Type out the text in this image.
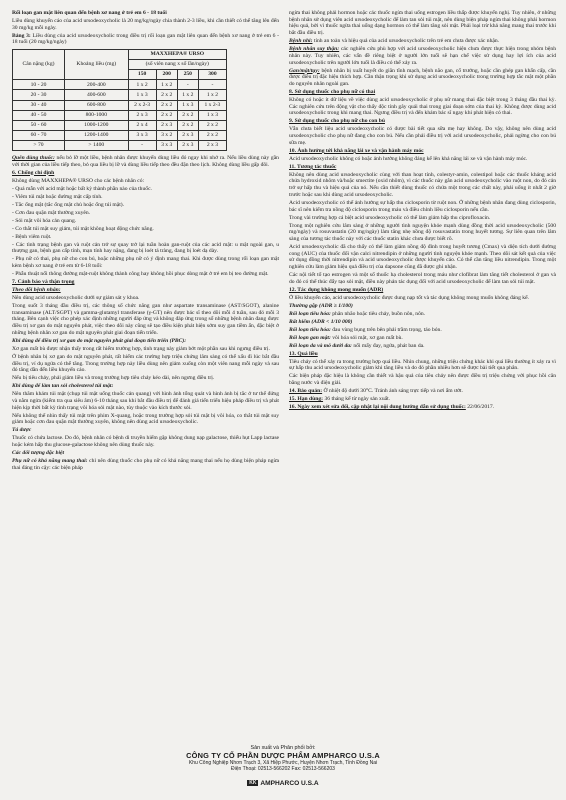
Rối loạn gan mật liên quan đến bệnh xơ nang ở trẻ em 6 - 18 tuổi

Liều dùng khuyến cáo của acid ursodeoxycholic là 20 mg/kg/ngày chia thành 2-3 liều, khi cần thiết có thể tăng lên đến 30 mg/kg mỗi ngày.

Bảng 3: Liều dùng của acid ursodeoxycholic trong điều trị rối loạn gan mật liên quan đến bệnh xơ nang ở trẻ em 6 - 18 tuổi (20 mg/kg/ngày)

Cân nặng (kg)	Khoảng liều (mg)	MAXXHEPA® URSO			
		(số viên nang x số lần/ngày)			
		150	200	250	300
10 - 20	200-400	1 x 2	1 x 2	-	-
20 - 30	400-600	1 x 3	2 x 2	1 x 2	1 x 2
30 - 40	600-800	2 x 2-3	2 x 2	1 x 3	1 x 2-3
40 - 50	800-1000	2 x 3	2 x 2	2 x 2	1 x 3
50 - 60	1000-1200	2 x 4	2 x 3	2 x 2	2 x 2
60 - 70	1200-1400	3 x 3	3 x 2	2 x 3	2 x 2
> 70	> 1400	-	3 x 3	2 x 3	2 x 3

Quên dùng thuốc: nếu bỏ lỡ một liều, bệnh nhân được khuyến dùng liều đó ngay khi nhớ ra. Nếu liều dùng này gần với thời gian của liều tiếp theo, bỏ qua liều bị lỡ và dùng liều tiếp theo đều đặn theo lịch. Không dùng liều gấp đôi.

6. Chống chỉ định

Không dùng MAXXHEPA® URSO cho các bệnh nhân có:

- Quá mẫn với acid mật hoặc bất kỳ thành phần nào của thuốc.

- Viêm túi mật hoặc đường mật cấp tính.

- Tắc ống mật (tắc ống mật chủ hoặc ống túi mật).

- Cơn đau quặn mật thường xuyên.

- Sỏi mật vôi hóa cản quang.

- Co thắt túi mật suy giảm, túi mật không hoạt động chức năng.

- Bệnh viêm ruột.

- Các tình trạng bệnh gan và ruột cản trở sự quay trở lại tuần hoàn gan-ruột của các acid mật: u mật ngoài gan, u thượng gan, bệnh gan cấp tính, mạn tính hay nặng, đang bị loét tá tràng, đang bị loét dạ dày.

- Phụ nữ có thai, phụ nữ cho con bú, hoặc những phụ nữ có ý định mang thai. Khi được dùng trong rối loạn gan mật kèm bệnh xơ nang ở trẻ em từ 6-18 tuổi:

- Phẫu thuật nối thông đường mật-ruột không thành công hay không hồi phục dòng mật ở trẻ em bị teo đường mật.

7. Cảnh báo và thận trọng

Theo dõi bệnh nhân:

Nên dùng acid ursodeoxycholic dưới sự giám sát y khoa.

Trong suốt 3 tháng đầu điều trị, các thông số chức năng gan như aspartate transaminase (AST/SGOT), alanine transaminase (ALT/SGPT) và gamma-glutamyl transferase (γ-GT) nên được bác sĩ theo dõi mỗi 4 tuần, sau đó mỗi 3 tháng. Bên cạnh việc cho phép xác định những người đáp ứng và không đáp ứng trong số những bệnh nhân đang được điều trị xơ gan do mật nguyên phát, việc theo dõi này cũng sẽ tạo điều kiện phát hiện sớm suy gan tiềm ẩn, đặc biệt ở những bệnh nhân xơ gan do mật nguyên phát giai đoạn tiến triển.

Khi dùng để điều trị xơ gan do mật nguyên phát giai đoạn tiến triển (PBC):

Xơ gan mất bù được nhận thấy trong rất hiếm trường hợp, tình trạng này giảm bớt một phần sau khi ngưng điều trị.

Ở bệnh nhân bị xơ gan do mật nguyên phát, rất hiếm các trường hợp triệu chứng lâm sàng có thể xấu đi lúc bắt đầu điều trị, ví dụ ngứa có thể tăng. Trong trường hợp này liều dùng nên giảm xuống còn một viên nang mỗi ngày và sau đó tăng dần đến liều khuyến cáo.

Nếu bị tiêu chảy, phải giảm liều và trong trường hợp tiêu chảy kéo dài, nên ngưng điều trị.

Khi dùng để làm tan sỏi cholesterol túi mật:

Nên thăm khám túi mật (chụp túi mật uống thuốc cản quang) với hình ảnh tổng quát và hình ảnh bị tắc ở tư thế đứng và nằm ngửa (kiểm tra qua siêu âm) 6-10 tháng sau khi bắt đầu điều trị để đánh giá tiến triển hiệu pháp điều trị và phát hiện kịp thời bất kỳ tình trạng vôi hóa sỏi mật nào, tùy thuộc vào kích thước sỏi.

Nếu không thể nhìn thấy túi mật trên phim X-quang, hoặc trong trường hợp sỏi túi mật bị vôi hóa, co thắt túi mật suy giảm hoặc cơn đau quặn mật thường xuyên, không nên dùng acid ursodeoxycholic.

Tá dược

Thuốc có chứa lactose. Do đó, bệnh nhân có bệnh di truyền hiếm gặp không dung nạp galactose, thiếu hụt Lapp lactase hoặc kém hấp thu glucose-galactose không nên dùng thuốc này.

Các đối tượng đặc biệt

Phụ nữ có khả năng mang thai: chỉ nên dùng thuốc cho phụ nữ có khả năng mang thai nếu họ dùng biện pháp ngừa thai đáng tin cậy: các biện pháp

ngừa thai không phải hormon hoặc các thuốc ngừa thai uống estrogen liều thấp được khuyến nghị. Tuy nhiên, ở những bệnh nhân sử dụng viên acid ursodeoxycholic để làm tan sỏi túi mật, nên dùng biện pháp ngừa thai không phải hormon hiệu quả, bởi vì thuốc ngừa thai uống dạng hormon có thể làm tăng sỏi mật. Phải loại trừ khả năng mang thai trước khi bắt đầu điều trị.

Bệnh nhi: tính an toàn và hiệu quả của acid ursodeoxycholic trên trẻ em chưa được xác nhận.

Bệnh nhân suy thận: các nghiên cứu phù hợp với acid ursodeoxycholic hiện chưa được thực hiện trong nhóm bệnh nhân này. Tuy nhiên, các vấn đề riêng biệt ở người lớn tuổi sẽ hạn chế việc sử dụng hay lợi ích của acid ursodeoxycholic trên người lớn tuổi là điều có thể xảy ra.

Gan/mật/tụy: bệnh nhân bị xuất huyết do giãn tĩnh mạch, bệnh não gan, cổ trướng, hoặc cần ghép gan khẩn cấp, cần được điều trị đặc hiệu thích hợp. Cần thận trọng khi sử dụng acid ursodeoxycholic trong trường hợp tắc mật một phần do nguyên nhân ngoài gan.

8. Sử dụng thuốc cho phụ nữ có thai

Không có hoặc ít dữ liệu về việc dùng acid ursodeoxycholic ở phụ nữ mang thai đặc biệt trong 3 tháng đầu thai kỳ. Các nghiên cứu trên động vật cho thấy độc tính gây quái thai trong giai đoạn sớm của thai kỳ. Không được dùng acid ursodeoxycholic trong khi mang thai. Ngưng điều trị và đến khám bác sĩ ngay khi phát hiện có thai.

9. Sử dụng thuốc cho phụ nữ cho con bú

Vẫn chưa biết liệu acid ursodeoxycholic có được bài tiết qua sữa mẹ hay không. Do vậy, không nên dùng acid ursodeoxycholic cho phụ nữ đang cho con bú. Nếu cần phải điều trị với acid ursodeoxycholic, phải ngừng cho con bú sữa mẹ.

10. Ảnh hưởng tới khả năng lái xe và vận hành máy móc

Acid ursodeoxycholic không có hoặc ảnh hưởng không đáng kể lên khả năng lái xe và vận hành máy móc.

11. Tương tác thuốc

Không nên dùng acid ursodeoxycholic cùng với than hoạt tính, colestyr-amin, colestipol hoặc các thuốc kháng acid chứa hydroxid nhôm và/hoặc smectite (oxid nhôm), vì các thuốc này gắn acid ursodeoxycholic vào ruột non, do đó cản trở sự hấp thu và hiệu quả của nó. Nếu cần thiết dùng thuốc có chứa một trong các chất này, phải uống ít nhất 2 giờ trước hoặc sau khi dùng acid ursodeoxycholic.

Acid ursodeoxycholic có thể ảnh hưởng sự hấp thu ciclosporin từ ruột non. Ở những bệnh nhân đang dùng ciclosporin, bác sĩ nên kiểm tra nồng độ ciclosporin trong máu và điều chỉnh liều ciclosporin nếu cần.

Trong vài trường hợp cá biệt acid ursodeoxycholic có thể làm giảm hấp thu ciprofloxacin.

Trong một nghiên cứu lâm sàng ở những người tình nguyện khỏe mạnh dùng đồng thời acid ursodeoxycholic (500 mg/ngày) và rosuvastatin (20 mg/ngày) làm tăng nhẹ nồng độ rosuvastatin trong huyết tương. Sự liên quan trên lâm sàng của tương tác thuốc này với các thuốc statin khác chưa được biết rõ.

Acid ursodeoxycholic đã cho thấy có thể làm giảm nồng độ đỉnh trong huyết tương (Cmax) và diện tích dưới đường cong (AUC) của thuốc đối vận calci nitrendipin ở những người tình nguyện khỏe mạnh. Theo dõi sát kết quả của việc sử dụng đồng thời nitrendipin và acid ursodeoxycholic được khuyến cáo. Có thể cần tăng liều nitrendipin. Trong một nghiên cứu làm giảm hiệu quả điều trị của dapsone cũng đã được ghi nhận.

Các nội tiết tố tạo estrogen và một số thuốc hạ cholesterol trong máu như clofibrat làm tăng tiết cholesterol ở gan và do đó có thể thúc đẩy tạo sỏi mật, điều này phản tác dụng đối với acid ursodeoxycholic để làm tan sỏi túi mật.

12. Tác dụng không mong muốn (ADR)

Ở liều khuyến cáo, acid ursodeoxycholic được dung nạp tốt và tác dụng không mong muốn không đáng kể.

Thường gặp (ADR ≥ 1/100)

Rối loạn tiêu hóa: phân nhão hoặc tiêu chảy, buồn nôn, nôn.

Rất hiếm (ADR < 1/10 000)

Rối loạn tiêu hóa: đau vùng bụng trên bên phải trầm trọng, táo bón.

Rối loạn gan mật: vôi hóa sỏi mật, xơ gan mất bù.

Rối loạn da và mô dưới da: nổi mẩy đay, ngứa, phát ban da.

13. Quá liều

Tiêu chảy có thể xảy ra trong trường hợp quá liều. Nhìn chung, những triệu chứng khác khi quá liều thường ít xảy ra vì sự hấp thu acid ursodeoxycholic giảm khi tăng liều và do đó phần nhiều hơn sẽ được bài tiết qua phân.

Các biện pháp đặc hiệu là không cần thiết và hậu quả của tiêu chảy nên được điều trị triệu chứng với phục hồi cân bằng nước và điện giải.

14. Bảo quản: Ở nhiệt độ dưới 30°C. Tránh ánh sáng trực tiếp và nơi ẩm ướt.

15. Hạn dùng: 36 tháng kể từ ngày sản xuất.

16. Ngày xem xét sửa đổi, cập nhật lại nội dung hướng dẫn sử dụng thuốc: 22/06/2017.

Sản xuất và Phân phối bởi:
CÔNG TY CỔ PHẦN DƯỢC PHẨM AMPHARCO U.S.A
Khu Công Nghiệp Nhơn Trạch 3, Xã Hiệp Phước, Huyện Nhơn Trạch, Tỉnh Đồng Nai
Điện Thoại: 02513-566202 Fax: 02513-566203
KK AMPHARCO U.S.A
